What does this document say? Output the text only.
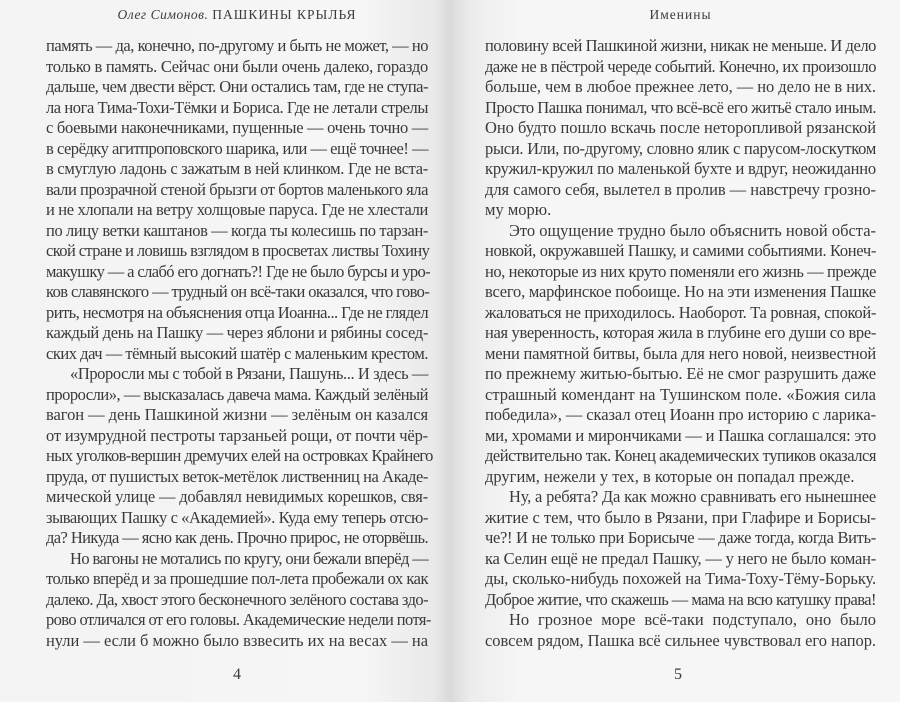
Олег Симонов. ПАШКИНЫ КРЫЛЬЯ
память — да, конечно, по-другому и быть не может, — но
только в память. Сейчас они были очень далеко, гораздо
дальше, чем двести вёрст. Они остались там, где не ступа-
ла нога Тима-Тохи-Тёмки и Бориса. Где не летали стрелы
с боевыми наконечниками, пущенные — очень точно —
в серёдку агитпроповского шарика, или — ещё точнее! —
в смуглую ладонь с зажатым в ней клинком. Где не вста-
вали прозрачной стеной брызги от бортов маленького яла
и не хлопали на ветру холщовые паруса. Где не хлестали
по лицу ветки каштанов — когда ты колесишь по тарзан-
ской стране и ловишь взглядом в просветах листвы Тохину
макушку — а слабó его догнать?! Где не было бурсы и уро-
ков славянского — трудный он всё-таки оказался, что гово-
рить, несмотря на объяснения отца Иоанна... Где не глядел
каждый день на Пашку — через яблони и рябины сосед-
ских дач — тёмный высокий шатёр с маленьким крестом.
«Проросли мы с тобой в Рязани, Пашунь... И здесь —
проросли», — высказалась давеча мама. Каждый зелёный
вагон — день Пашкиной жизни — зелёным он казался
от изумрудной пестроты тарзаньей рощи, от почти чёр-
ных уголков-вершин дремучих елей на островках Крайнего
пруда, от пушистых веток-метёлок лиственниц на Акаде-
мической улице — добавлял невидимых корешков, свя-
зывающих Пашку с «Академией». Куда ему теперь отсю-
да? Никуда — ясно как день. Прочно прирос, не оторвёшь.
Но вагоны не мотались по кругу, они бежали вперёд —
только вперёд и за прошедшие пол-лета пробежали ох как
далеко. Да, хвост этого бесконечного зелёного состава здо-
рово отличался от его головы. Академические недели потя-
нули — если б можно было взвесить их на весах — на
4
Именины
половину всей Пашкиной жизни, никак не меньше. И дело
даже не в пёстрой череде событий. Конечно, их произошло
больше, чем в любое прежнее лето, — но дело не в них.
Просто Пашка понимал, что всё-всё его житьё стало иным.
Оно будто пошло вскачь после неторопливой рязанской
рыси. Или, по-другому, словно ялик с парусом-лоскутком
кружил-кружил по маленькой бухте и вдруг, неожиданно
для самого себя, вылетел в пролив — навстречу грозно-
му морю.
Это ощущение трудно было объяснить новой обста-
новкой, окружавшей Пашку, и самими событиями. Конеч-
но, некоторые из них круто поменяли его жизнь — прежде
всего, марфинское побоище. Но на эти изменения Пашке
жаловаться не приходилось. Наоборот. Та ровная, спокой-
ная уверенность, которая жила в глубине его души со вре-
мени памятной битвы, была для него новой, неизвестной
по прежнему житью-бытью. Её не смог разрушить даже
страшный комендант на Тушинском поле. «Божия сила
победила», — сказал отец Иоанн про историю с ларика-
ми, хромами и мирончиками — и Пашка соглашался: это
действительно так. Конец академических тупиков оказался
другим, нежели у тех, в которые он попадал прежде.
Ну, а ребята? Да как можно сравнивать его нынешнее
житие с тем, что было в Рязани, при Глафире и Борисы-
че?! И не только при Борисыче — даже тогда, когда Вить-
ка Селин ещё не предал Пашку, — у него не было коман-
ды, сколько-нибудь похожей на Тима-Тоху-Тёму-Борьку.
Доброе житие, что скажешь — мама на всю катушку права!
Но грозное море всё-таки подступало, оно было
совсем рядом, Пашка всё сильнее чувствовал его напор.
5
